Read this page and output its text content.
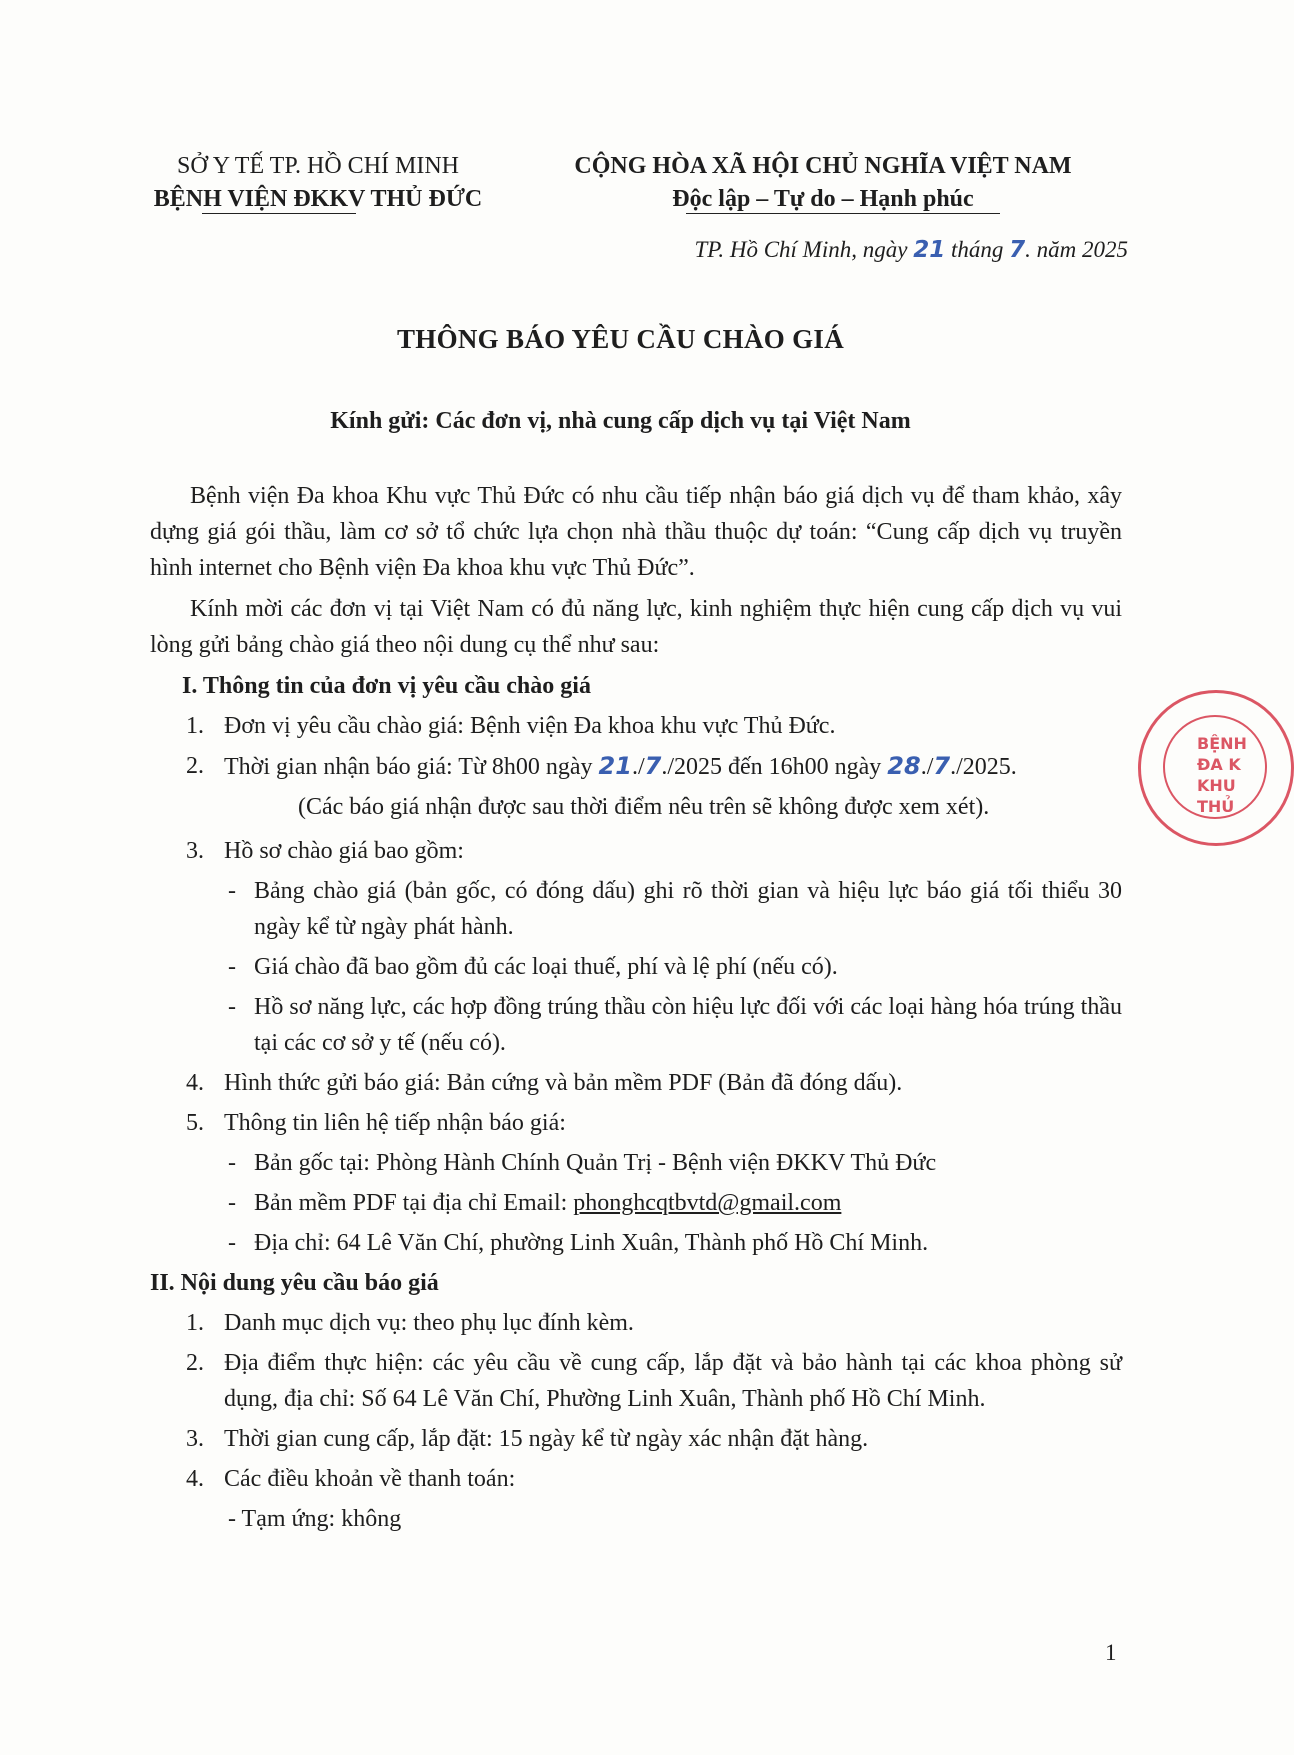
SỞ Y TẾ TP. HỒ CHÍ MINH
BỆNH VIỆN ĐKKV THỦ ĐỨC
CỘNG HÒA XÃ HỘI CHỦ NGHĨA VIỆT NAM
Độc lập – Tự do – Hạnh phúc
TP. Hồ Chí Minh, ngày 21 tháng 7. năm 2025
THÔNG BÁO YÊU CẦU CHÀO GIÁ
Kính gửi: Các đơn vị, nhà cung cấp dịch vụ tại Việt Nam

Bệnh viện Đa khoa Khu vực Thủ Đức có nhu cầu tiếp nhận báo giá dịch vụ để tham khảo, xây dựng giá gói thầu, làm cơ sở tổ chức lựa chọn nhà thầu thuộc dự toán: “Cung cấp dịch vụ truyền hình internet cho Bệnh viện Đa khoa khu vực Thủ Đức”.

Kính mời các đơn vị tại Việt Nam có đủ năng lực, kinh nghiệm thực hiện cung cấp dịch vụ vui lòng gửi bảng chào giá theo nội dung cụ thể như sau:

I. Thông tin của đơn vị yêu cầu chào giá
1. Đơn vị yêu cầu chào giá: Bệnh viện Đa khoa khu vực Thủ Đức.
2. Thời gian nhận báo giá: Từ 8h00 ngày 21./7./2025 đến 16h00 ngày 28./7./2025.
(Các báo giá nhận được sau thời điểm nêu trên sẽ không được xem xét).
3. Hồ sơ chào giá bao gồm:
- Bảng chào giá (bản gốc, có đóng dấu) ghi rõ thời gian và hiệu lực báo giá tối thiểu 30 ngày kể từ ngày phát hành.
- Giá chào đã bao gồm đủ các loại thuế, phí và lệ phí (nếu có).
- Hồ sơ năng lực, các hợp đồng trúng thầu còn hiệu lực đối với các loại hàng hóa trúng thầu tại các cơ sở y tế (nếu có).
4. Hình thức gửi báo giá: Bản cứng và bản mềm PDF (Bản đã đóng dấu).
5. Thông tin liên hệ tiếp nhận báo giá:
- Bản gốc tại: Phòng Hành Chính Quản Trị - Bệnh viện ĐKKV Thủ Đức
- Bản mềm PDF tại địa chỉ Email: phonghcqtbvtd@gmail.com
- Địa chỉ: 64 Lê Văn Chí, phường Linh Xuân, Thành phố Hồ Chí Minh.
II. Nội dung yêu cầu báo giá
1. Danh mục dịch vụ: theo phụ lục đính kèm.
2. Địa điểm thực hiện: các yêu cầu về cung cấp, lắp đặt và bảo hành tại các khoa phòng sử dụng, địa chỉ: Số 64 Lê Văn Chí, Phường Linh Xuân, Thành phố Hồ Chí Minh.
3. Thời gian cung cấp, lắp đặt: 15 ngày kể từ ngày xác nhận đặt hàng.
4. Các điều khoản về thanh toán:
- Tạm ứng: không
BỆNH
ĐA K
KHU
THỦ
1
